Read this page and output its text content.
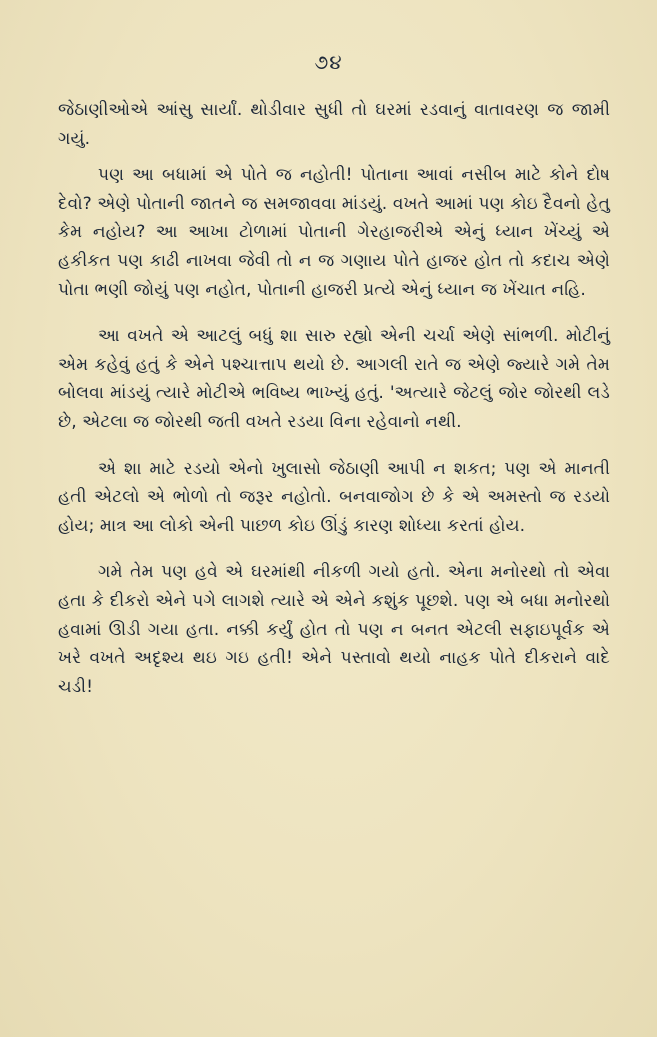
૭૪

જેઠાણીઓએ આંસુ સાર્યાં. થોડીવાર સુધી તો ઘરમાં રડવાનું વાતાવરણ જ જામી ગયું.

પણ આ બધામાં એ પોતે જ નહોતી! પોતાના આવાં નસીબ માટે કોને દોષ દેવો? એણે પોતાની જાતને જ સમજાવવા માંડયું. વખતે આમાં પણ કોઇ દૈવનો હેતુ કેમ નહોય? આ આખા ટોળામાં પોતાની ગેરહાજરીએ એનું ધ્યાન ખેંચ્યું એ હકીકત પણ કાઢી નાખવા જેવી તો ન જ ગણાય પોતે હાજર હોત તો કદાચ એણે પોતા ભણી જોયું પણ નહોત, પોતાની હાજરી પ્રત્યે એનું ધ્યાન જ ખેંચાત નહિ.

આ વખતે એ આટલું બધું શા સારુ રહ્યો એની ચર્ચા એણે સાંભળી. મોટીનું એમ કહેવું હતું કે એને પશ્ચાત્તાપ થયો છે. આગલી રાતે જ એણે જ્યારે ગમે તેમ બોલવા માંડયું ત્યારે મોટીએ ભવિષ્ય ભાખ્યું હતું. 'અત્યારે જેટલું જોર જોરથી લડે છે, એટલા જ જોરથી જતી વખતે રડયા વિના રહેવાનો નથી.

એ શા માટે રડયો એનો ખુલાસો જેઠાણી આપી ન શકત; પણ એ માનતી હતી એટલો એ ભોળો તો જરૂર નહોતો. બનવાજોગ છે કે એ અમસ્તો જ રડયો હોય; માત્ર આ લોકો એની પાછળ કોઇ ઊંડું કારણ શોધ્યા કરતાં હોય.

ગમે તેમ પણ હવે એ ઘરમાંથી નીકળી ગયો હતો. એના મનોરથો તો એવા હતા કે દીકરો એને પગે લાગશે ત્યારે એ એને કશુંક પૂછશે. પણ એ બધા મનોરથો હવામાં ઊડી ગયા હતા. નક્કી કર્યું હોત તો પણ ન બનત એટલી સફાઇપૂર્વક એ ખરે વખતે અદૃશ્ય થઇ ગઇ હતી! એને પસ્તાવો થયો નાહક પોતે દીકરાને વાદે ચડી!
